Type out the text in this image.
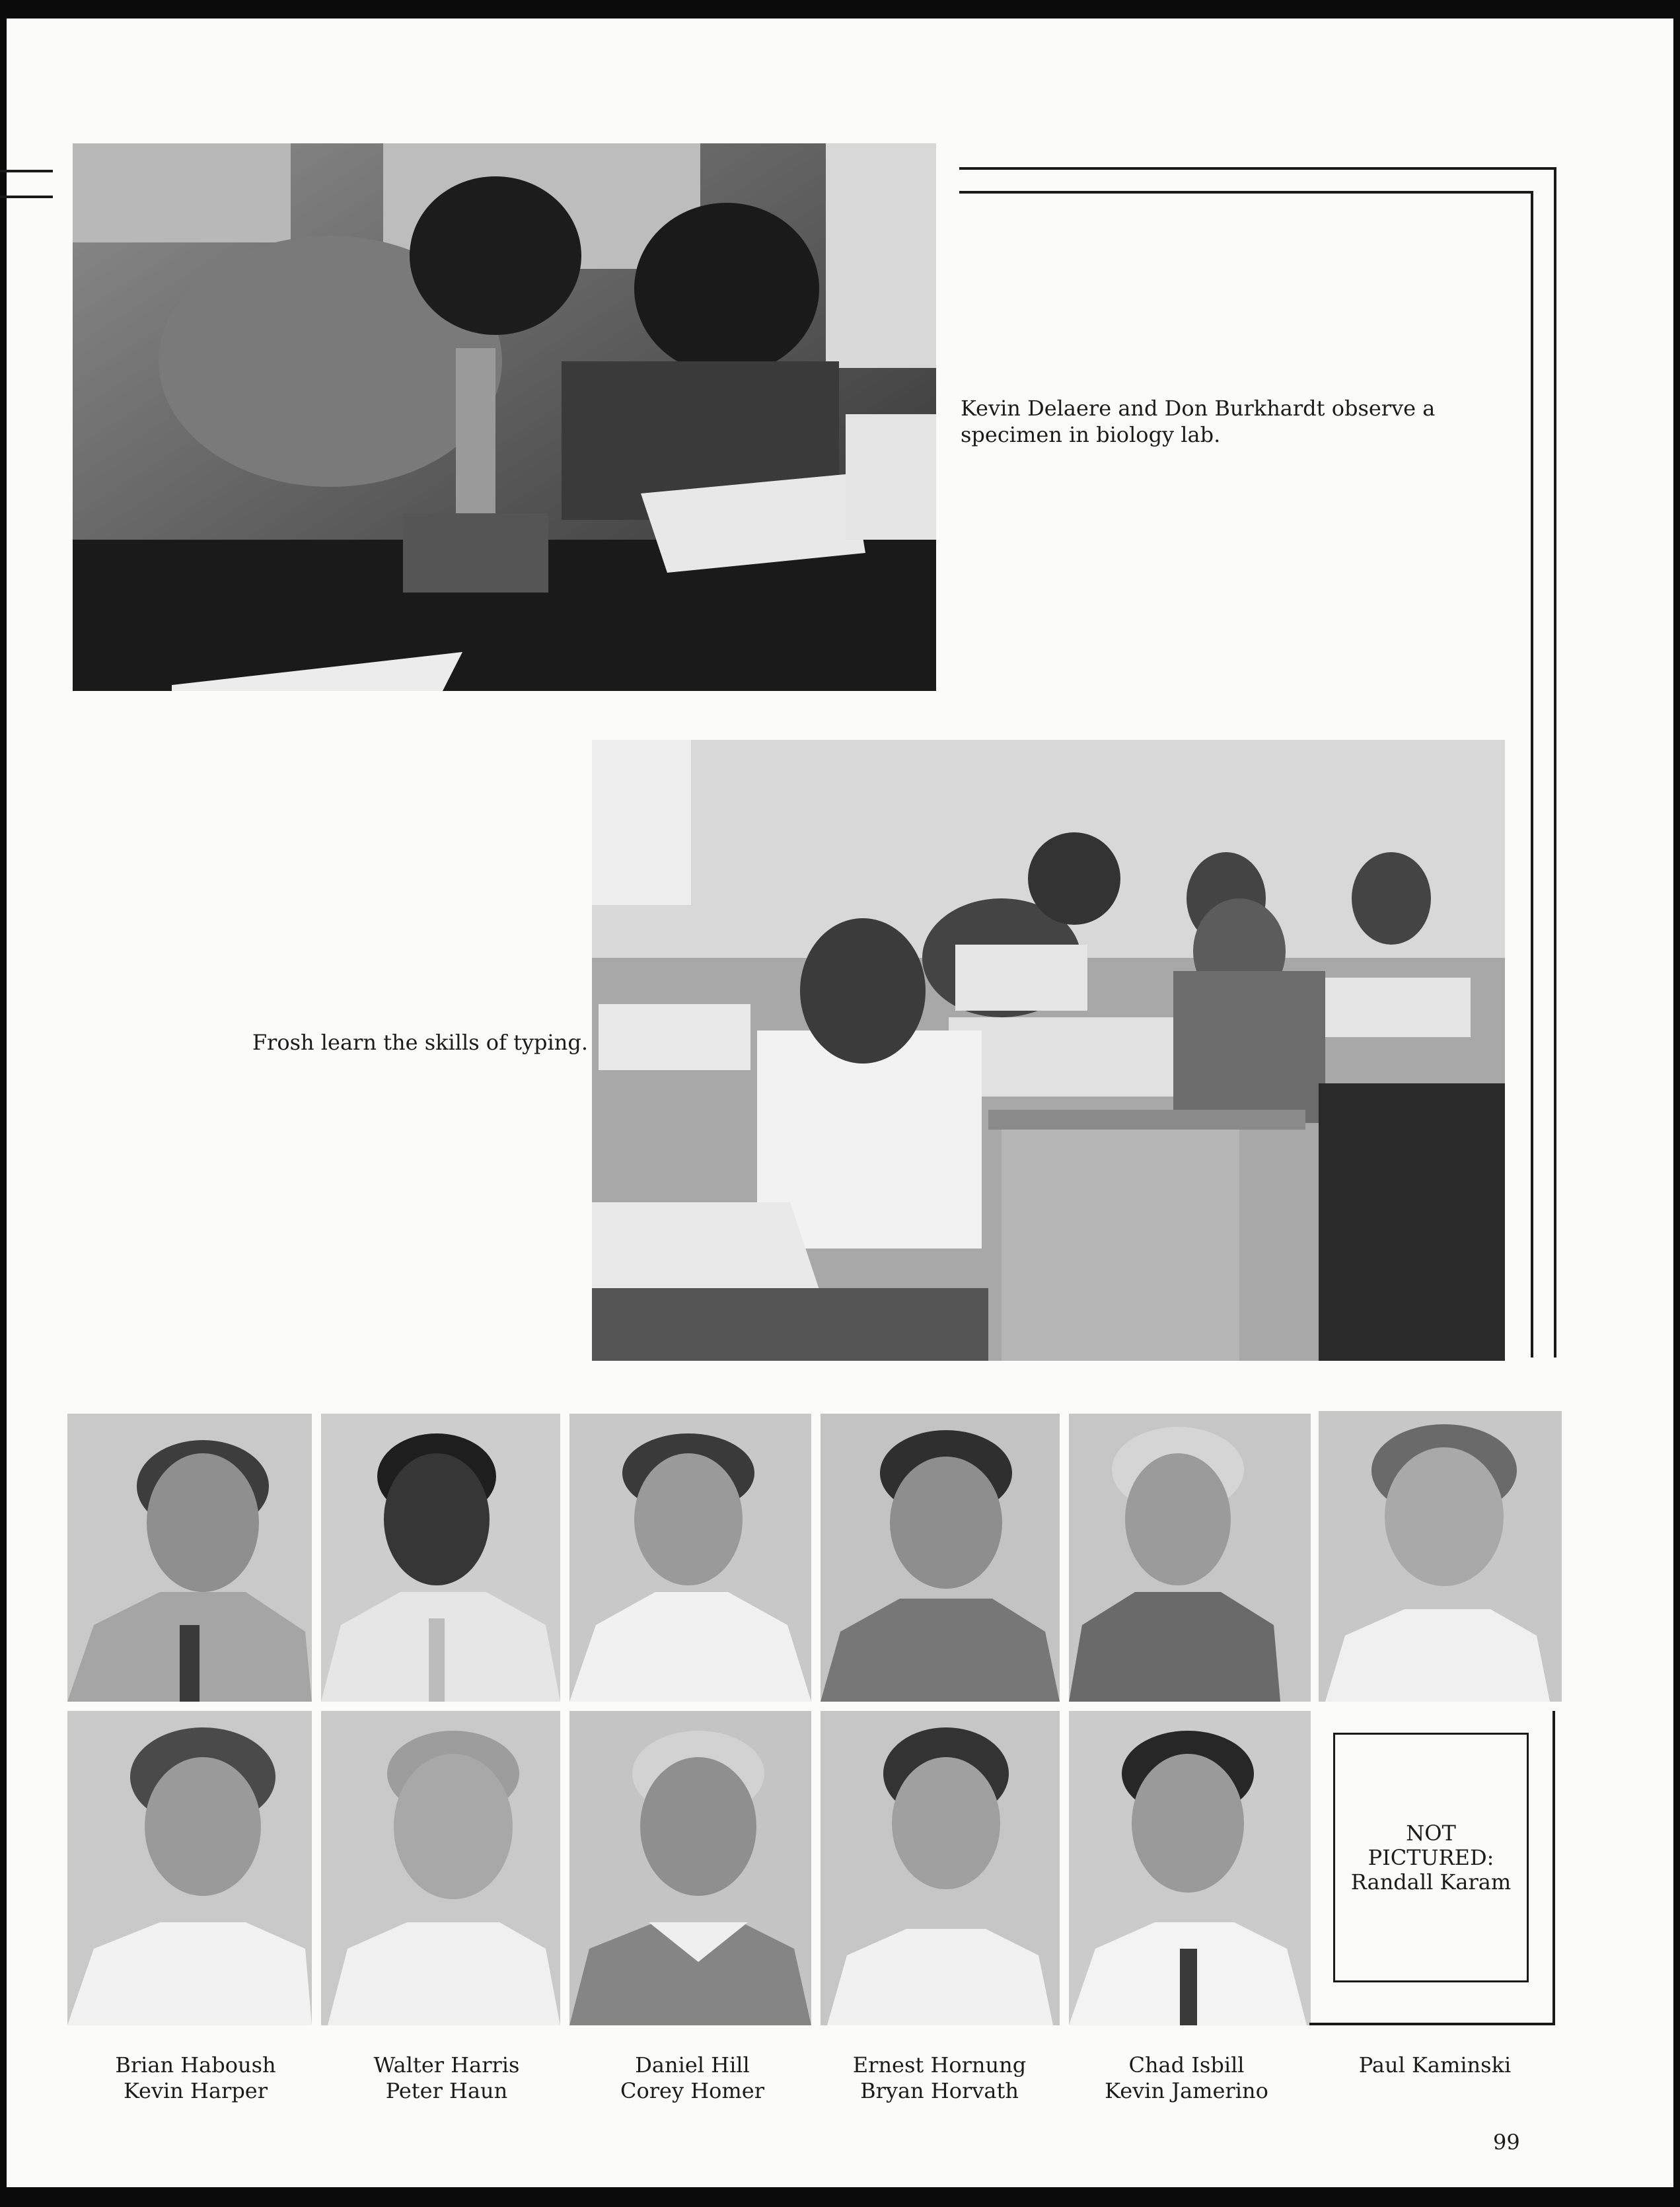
Kevin Delaere and Don Burkhardt observe a specimen in biology lab.
Frosh learn the skills of typing.
NOT
PICTURED:
Randall Karam
Brian Haboush
Kevin Harper
Walter Harris
Peter Haun
Daniel Hill
Corey Homer
Ernest Hornung
Bryan Horvath
Chad Isbill
Kevin Jamerino
Paul Kaminski
99
